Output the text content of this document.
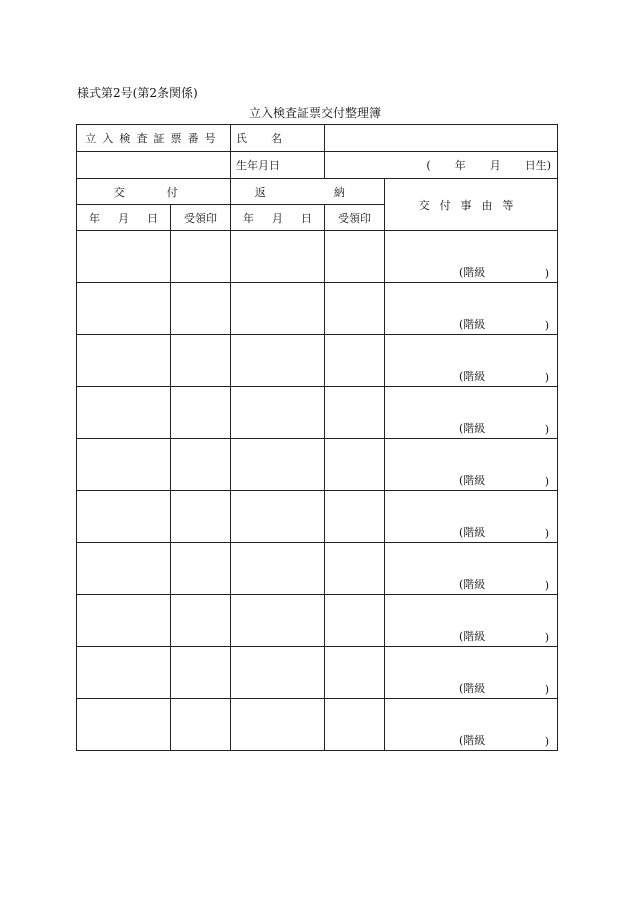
様式第2号(第2条関係)
立入検査証票交付整理簿
立入検査証票番号		氏名		
		生年月日	( 年 月 日生)	
交　付		返　　納		交付事由等
年 月 日	受領印	年 月 日	受領印	

				(階級 )

				(階級 )

				(階級 )

				(階級 )

				(階級 )

				(階級 )

				(階級 )

				(階級 )

				(階級 )

				(階級 )
